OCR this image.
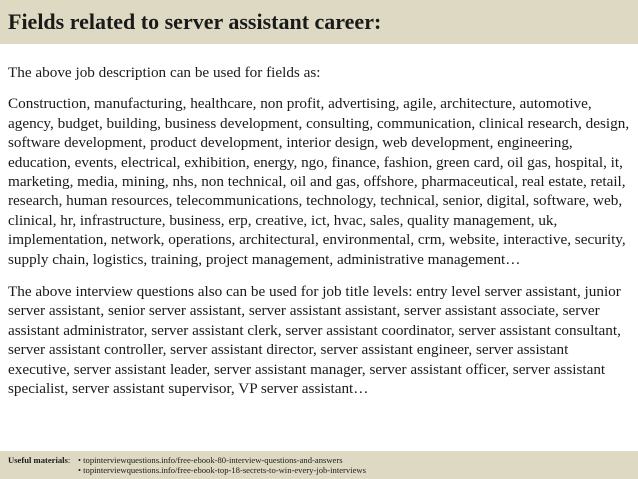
Fields related to server assistant career:

The above job description can be used for fields as:

Construction, manufacturing, healthcare, non profit, advertising, agile, architecture, automotive, agency, budget, building, business development, consulting, communication, clinical research, design, software development, product development, interior design, web development, engineering, education, events, electrical, exhibition, energy, ngo, finance, fashion, green card, oil gas, hospital, it, marketing, media, mining, nhs, non technical, oil and gas, offshore, pharmaceutical, real estate, retail, research, human resources, telecommunications, technology, technical, senior, digital, software, web, clinical, hr, infrastructure, business, erp, creative, ict, hvac, sales, quality management, uk, implementation, network, operations, architectural, environmental, crm, website, interactive, security, supply chain, logistics, training, project management, administrative management…

The above interview questions also can be used for job title levels: entry level server assistant, junior server assistant, senior server assistant, server assistant assistant, server assistant associate, server assistant administrator, server assistant clerk, server assistant coordinator, server assistant consultant, server assistant controller, server assistant director, server assistant engineer, server assistant executive, server assistant leader, server assistant manager, server assistant officer, server assistant specialist, server assistant supervisor, VP server assistant…

Useful materials: • topinterviewquestions.info/free-ebook-80-interview-questions-and-answers
• topinterviewquestions.info/free-ebook-top-18-secrets-to-win-every-job-interviews
